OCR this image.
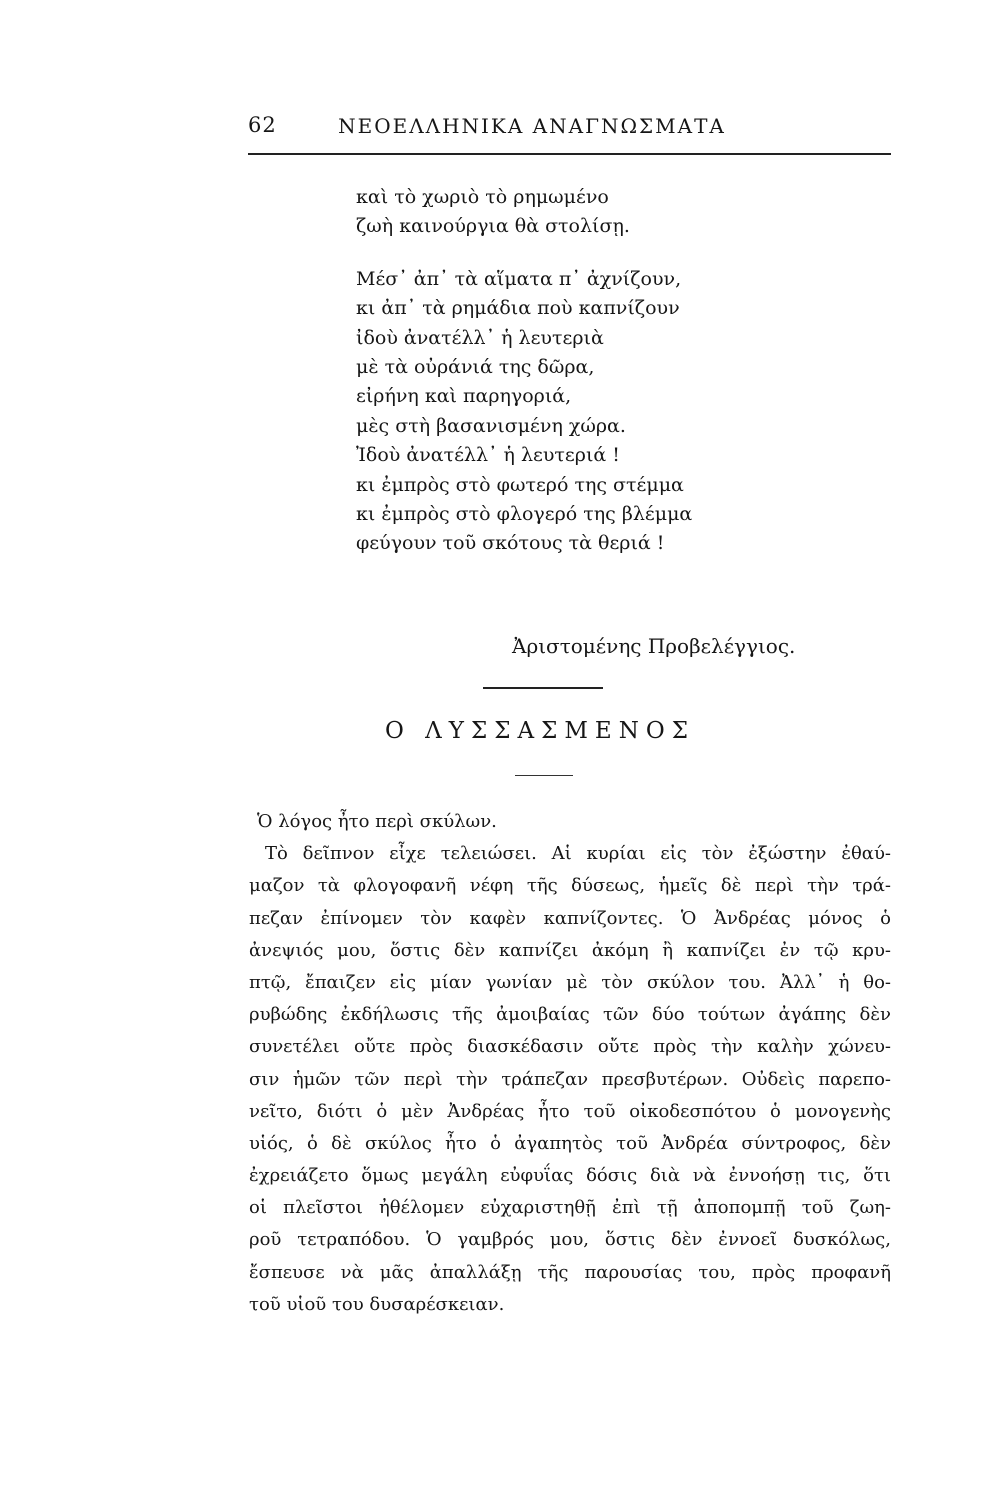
62	ΝΕΟΕΛΛΗΝΙΚΑ ΑΝΑΓΝΩΣΜΑΤΑ
καὶ τὸ χωριὸ τὸ ρημωμένο
ζωὴ καινούργια θὰ στολίσῃ.
Μέσ᾿ ἀπ᾿ τὰ αἵματα π᾿ ἀχνίζουν,
κι ἀπ᾿ τὰ ρημάδια ποὺ καπνίζουν
ἰδοὺ ἀνατέλλ᾿ ἡ λευτεριὰ
μὲ τὰ οὐράνιά της δῶρα,
εἰρήνη καὶ παρηγοριά,
μὲς στὴ βασανισμένη χώρα.
Ἰδοὺ ἀνατέλλ᾿ ἡ λευτεριά !
κι ἐμπρὸς στὸ φωτερό της στέμμα
κι ἐμπρὸς στὸ φλογερό της βλέμμα
φεύγουν τοῦ σκότους τὰ θεριά !
Ἀριστομένης Προβελέγγιος.
Ο ΛΥΣΣΑΣΜΕΝΟΣ
Ὁ λόγος ἦτο περὶ σκύλων.
Τὸ δεῖπνον εἶχε τελειώσει. Αἱ κυρίαι εἰς τὸν ἐξώστην ἐθαύ-
μαζον τὰ φλογοφανῆ νέφη τῆς δύσεως, ἡμεῖς δὲ περὶ τὴν τρά-
πεζαν ἐπίνομεν τὸν καφὲν καπνίζοντες. Ὁ Ἀνδρέας μόνος ὁ
ἀνεψιός μου, ὅστις δὲν καπνίζει ἀκόμη ἢ καπνίζει ἐν τῷ κρυ-
πτῷ, ἔπαιζεν εἰς μίαν γωνίαν μὲ τὸν σκύλον του. Ἀλλ᾿ ἡ θο-
ρυβώδης ἐκδήλωσις τῆς ἀμοιβαίας τῶν δύο τούτων ἀγάπης δὲν
συνετέλει οὔτε πρὸς διασκέδασιν οὔτε πρὸς τὴν καλὴν χώνευ-
σιν ἡμῶν τῶν περὶ τὴν τράπεζαν πρεσβυτέρων. Οὐδεὶς παρεπο-
νεῖτο, διότι ὁ μὲν Ἀνδρέας ἦτο τοῦ οἰκοδεσπότου ὁ μονογενὴς
υἱός, ὁ δὲ σκύλος ἦτο ὁ ἀγαπητὸς τοῦ Ἀνδρέα σύντροφος, δὲν
ἐχρειάζετο ὅμως μεγάλη εὐφυΐας δόσις διὰ νὰ ἐννοήσῃ τις, ὅτι
οἱ πλεῖστοι ἠθέλομεν εὐχαριστηθῇ ἐπὶ τῇ ἀποπομπῇ τοῦ ζωη-
ροῦ τετραπόδου. Ὁ γαμβρός μου, ὅστις δὲν ἐννοεῖ δυσκόλως,
ἔσπευσε νὰ μᾶς ἀπαλλάξῃ τῆς παρουσίας του, πρὸς προφανῆ
τοῦ υἱοῦ του δυσαρέσκειαν.
